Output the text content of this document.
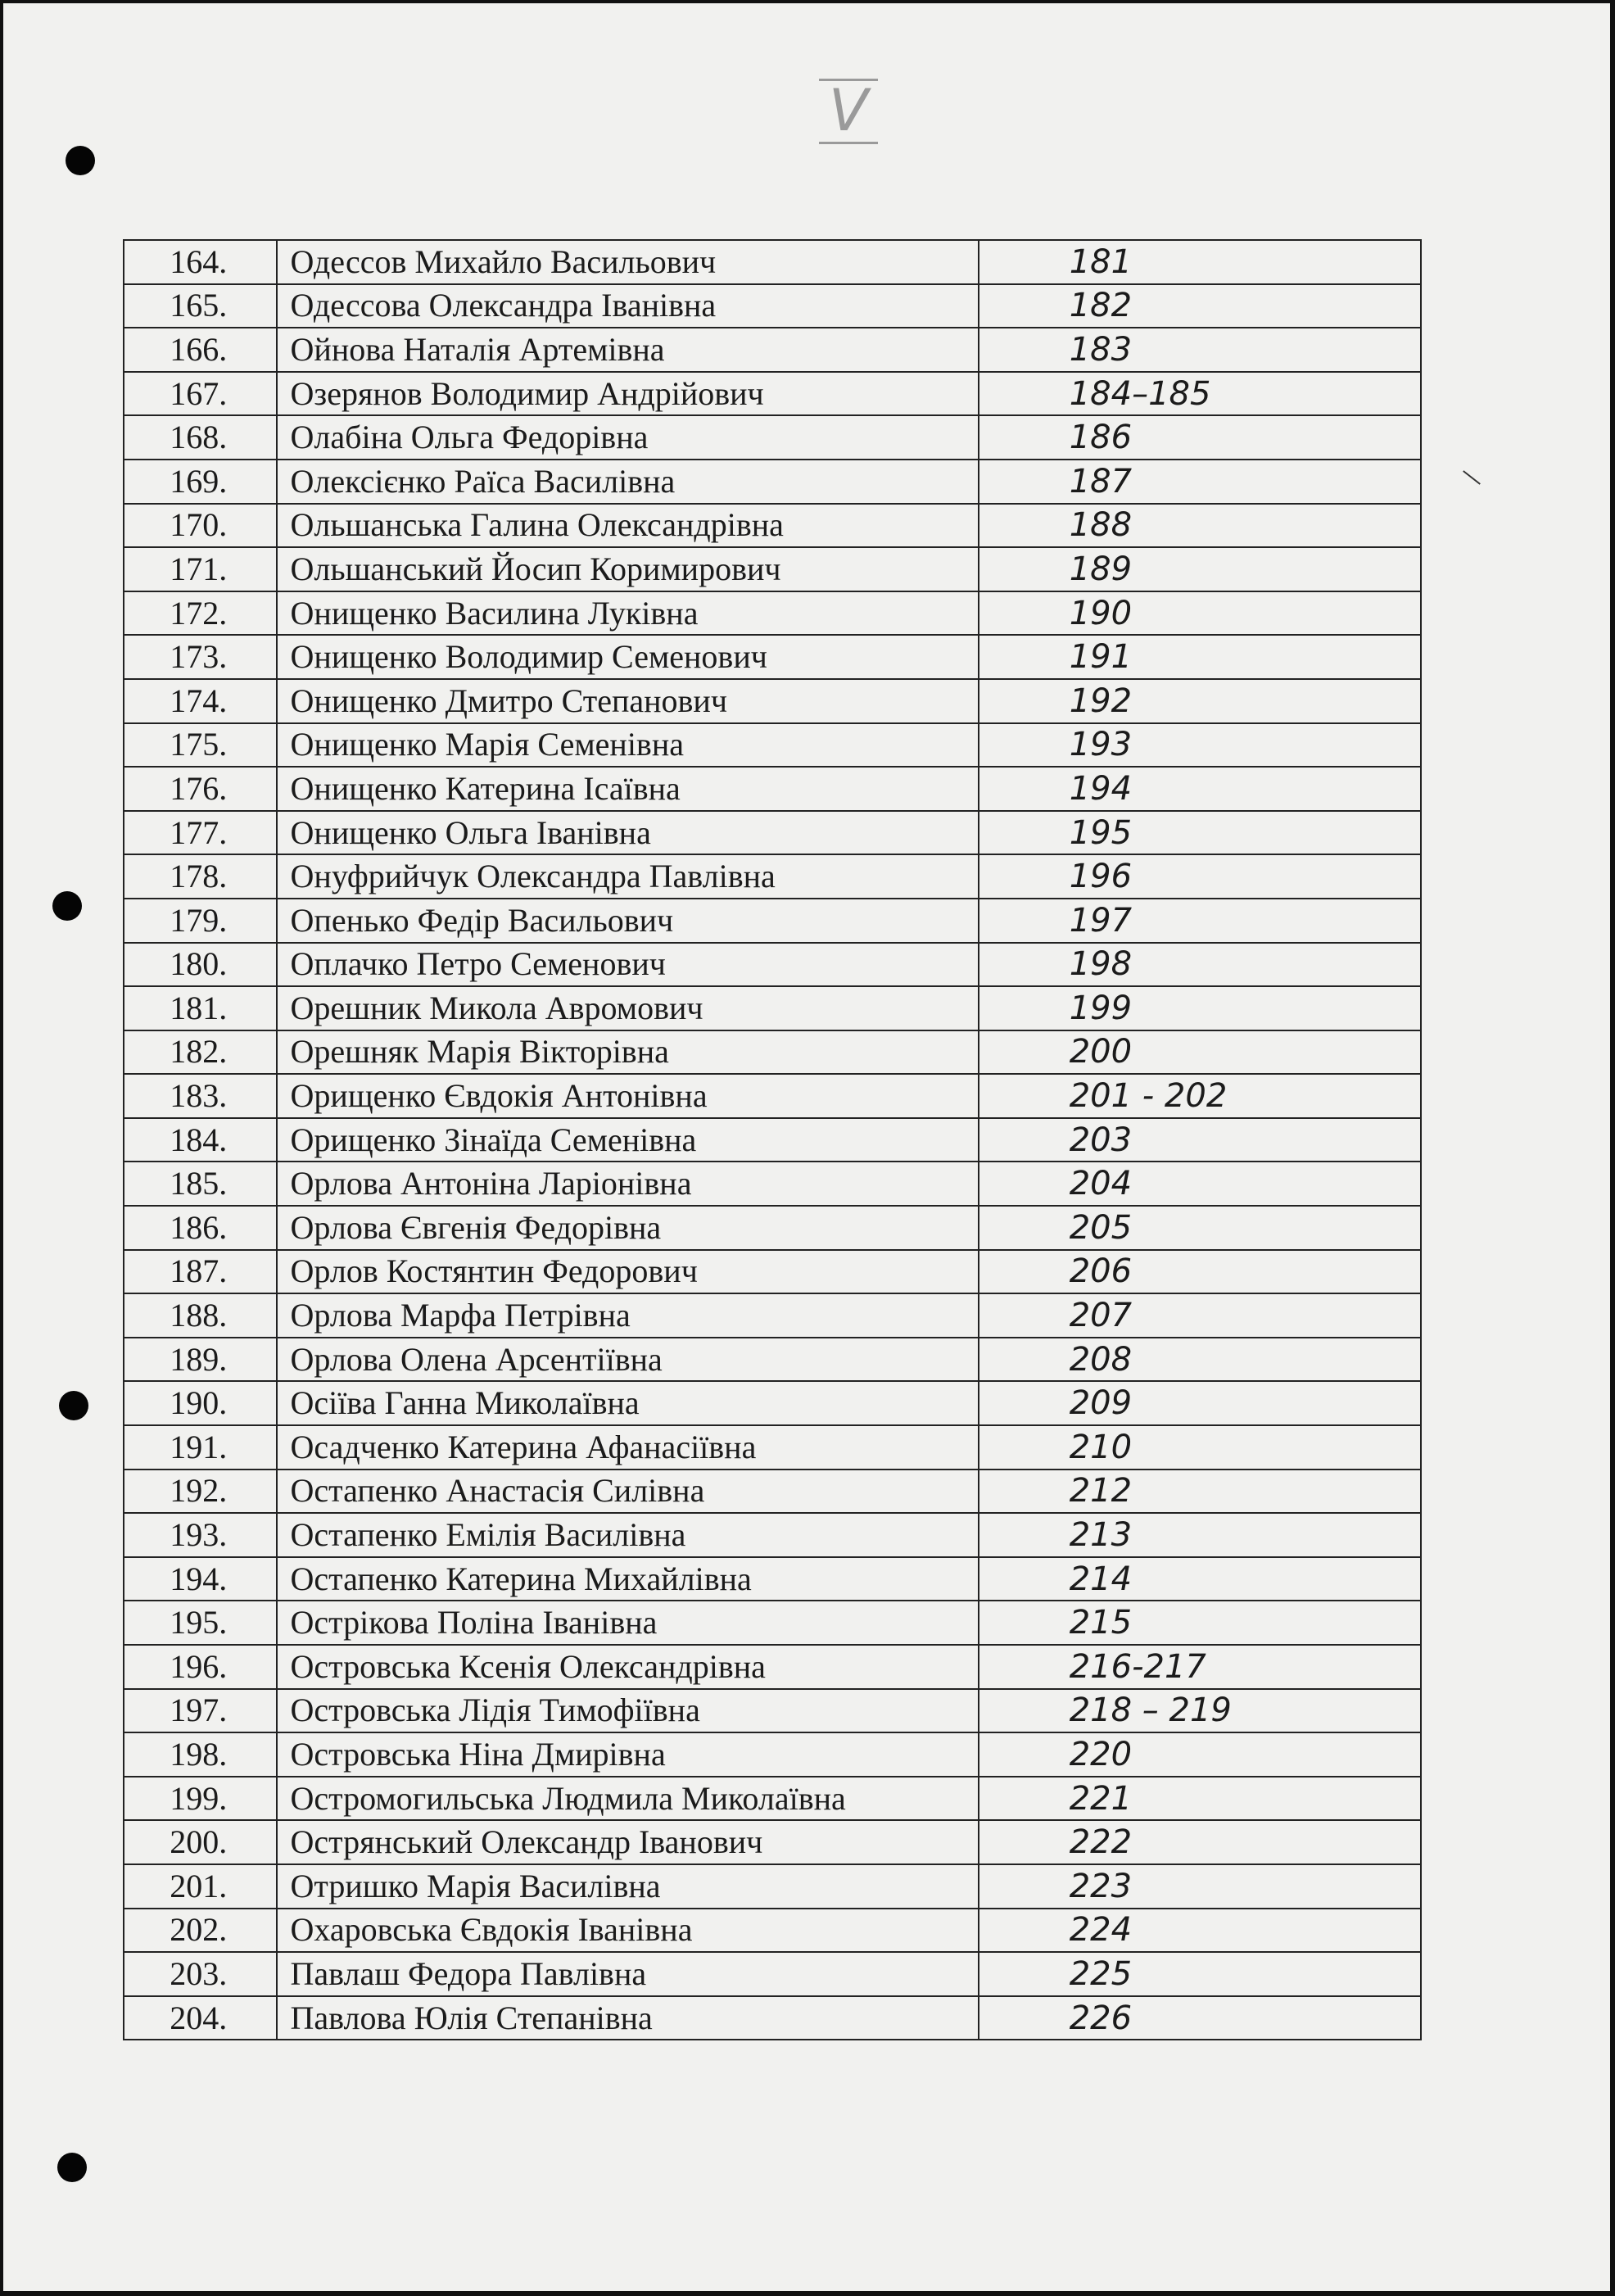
V
164.	Одессов Михайло Васильович	181
165.	Одессова Олександра Іванівна	182
166.	Ойнова Наталія Артемівна	183
167.	Озерянов Володимир Андрійович	184–185
168.	Олабіна Ольга Федорівна	186
169.	Олексієнко Раїса Василівна	187
170.	Ольшанська Галина Олександрівна	188
171.	Ольшанський Йосип Коримирович	189
172.	Онищенко Василина Луківна	190
173.	Онищенко Володимир Семенович	191
174.	Онищенко Дмитро Степанович	192
175.	Онищенко Марія Семенівна	193
176.	Онищенко Катерина Ісаївна	194
177.	Онищенко Ольга Іванівна	195
178.	Онуфрийчук Олександра Павлівна	196
179.	Опенько Федір Васильович	197
180.	Оплачко Петро Семенович	198
181.	Орешник Микола Авромович	199
182.	Орешняк Марія Вікторівна	200
183.	Орищенко Євдокія Антонівна	201 - 202
184.	Орищенко Зінаїда Семенівна	203
185.	Орлова Антоніна Ларіонівна	204
186.	Орлова Євгенія Федорівна	205
187.	Орлов Костянтин Федорович	206
188.	Орлова Марфа Петрівна	207
189.	Орлова Олена Арсентіївна	208
190.	Осіїва Ганна Миколаївна	209
191.	Осадченко Катерина Афанасіївна	210
192.	Остапенко Анастасія Силівна	212
193.	Остапенко Емілія Василівна	213
194.	Остапенко Катерина Михайлівна	214
195.	Острікова Поліна Іванівна	215
196.	Островська Ксенія Олександрівна	216-217
197.	Островська Лідія Тимофіївна	218 – 219
198.	Островська Ніна Дмирівна	220
199.	Остромогильська Людмила Миколаївна	221
200.	Острянський Олександр Іванович	222
201.	Отришко Марія Василівна	223
202.	Охаровська Євдокія Іванівна	224
203.	Павлаш Федора Павлівна	225
204.	Павлова Юлія Степанівна	226
